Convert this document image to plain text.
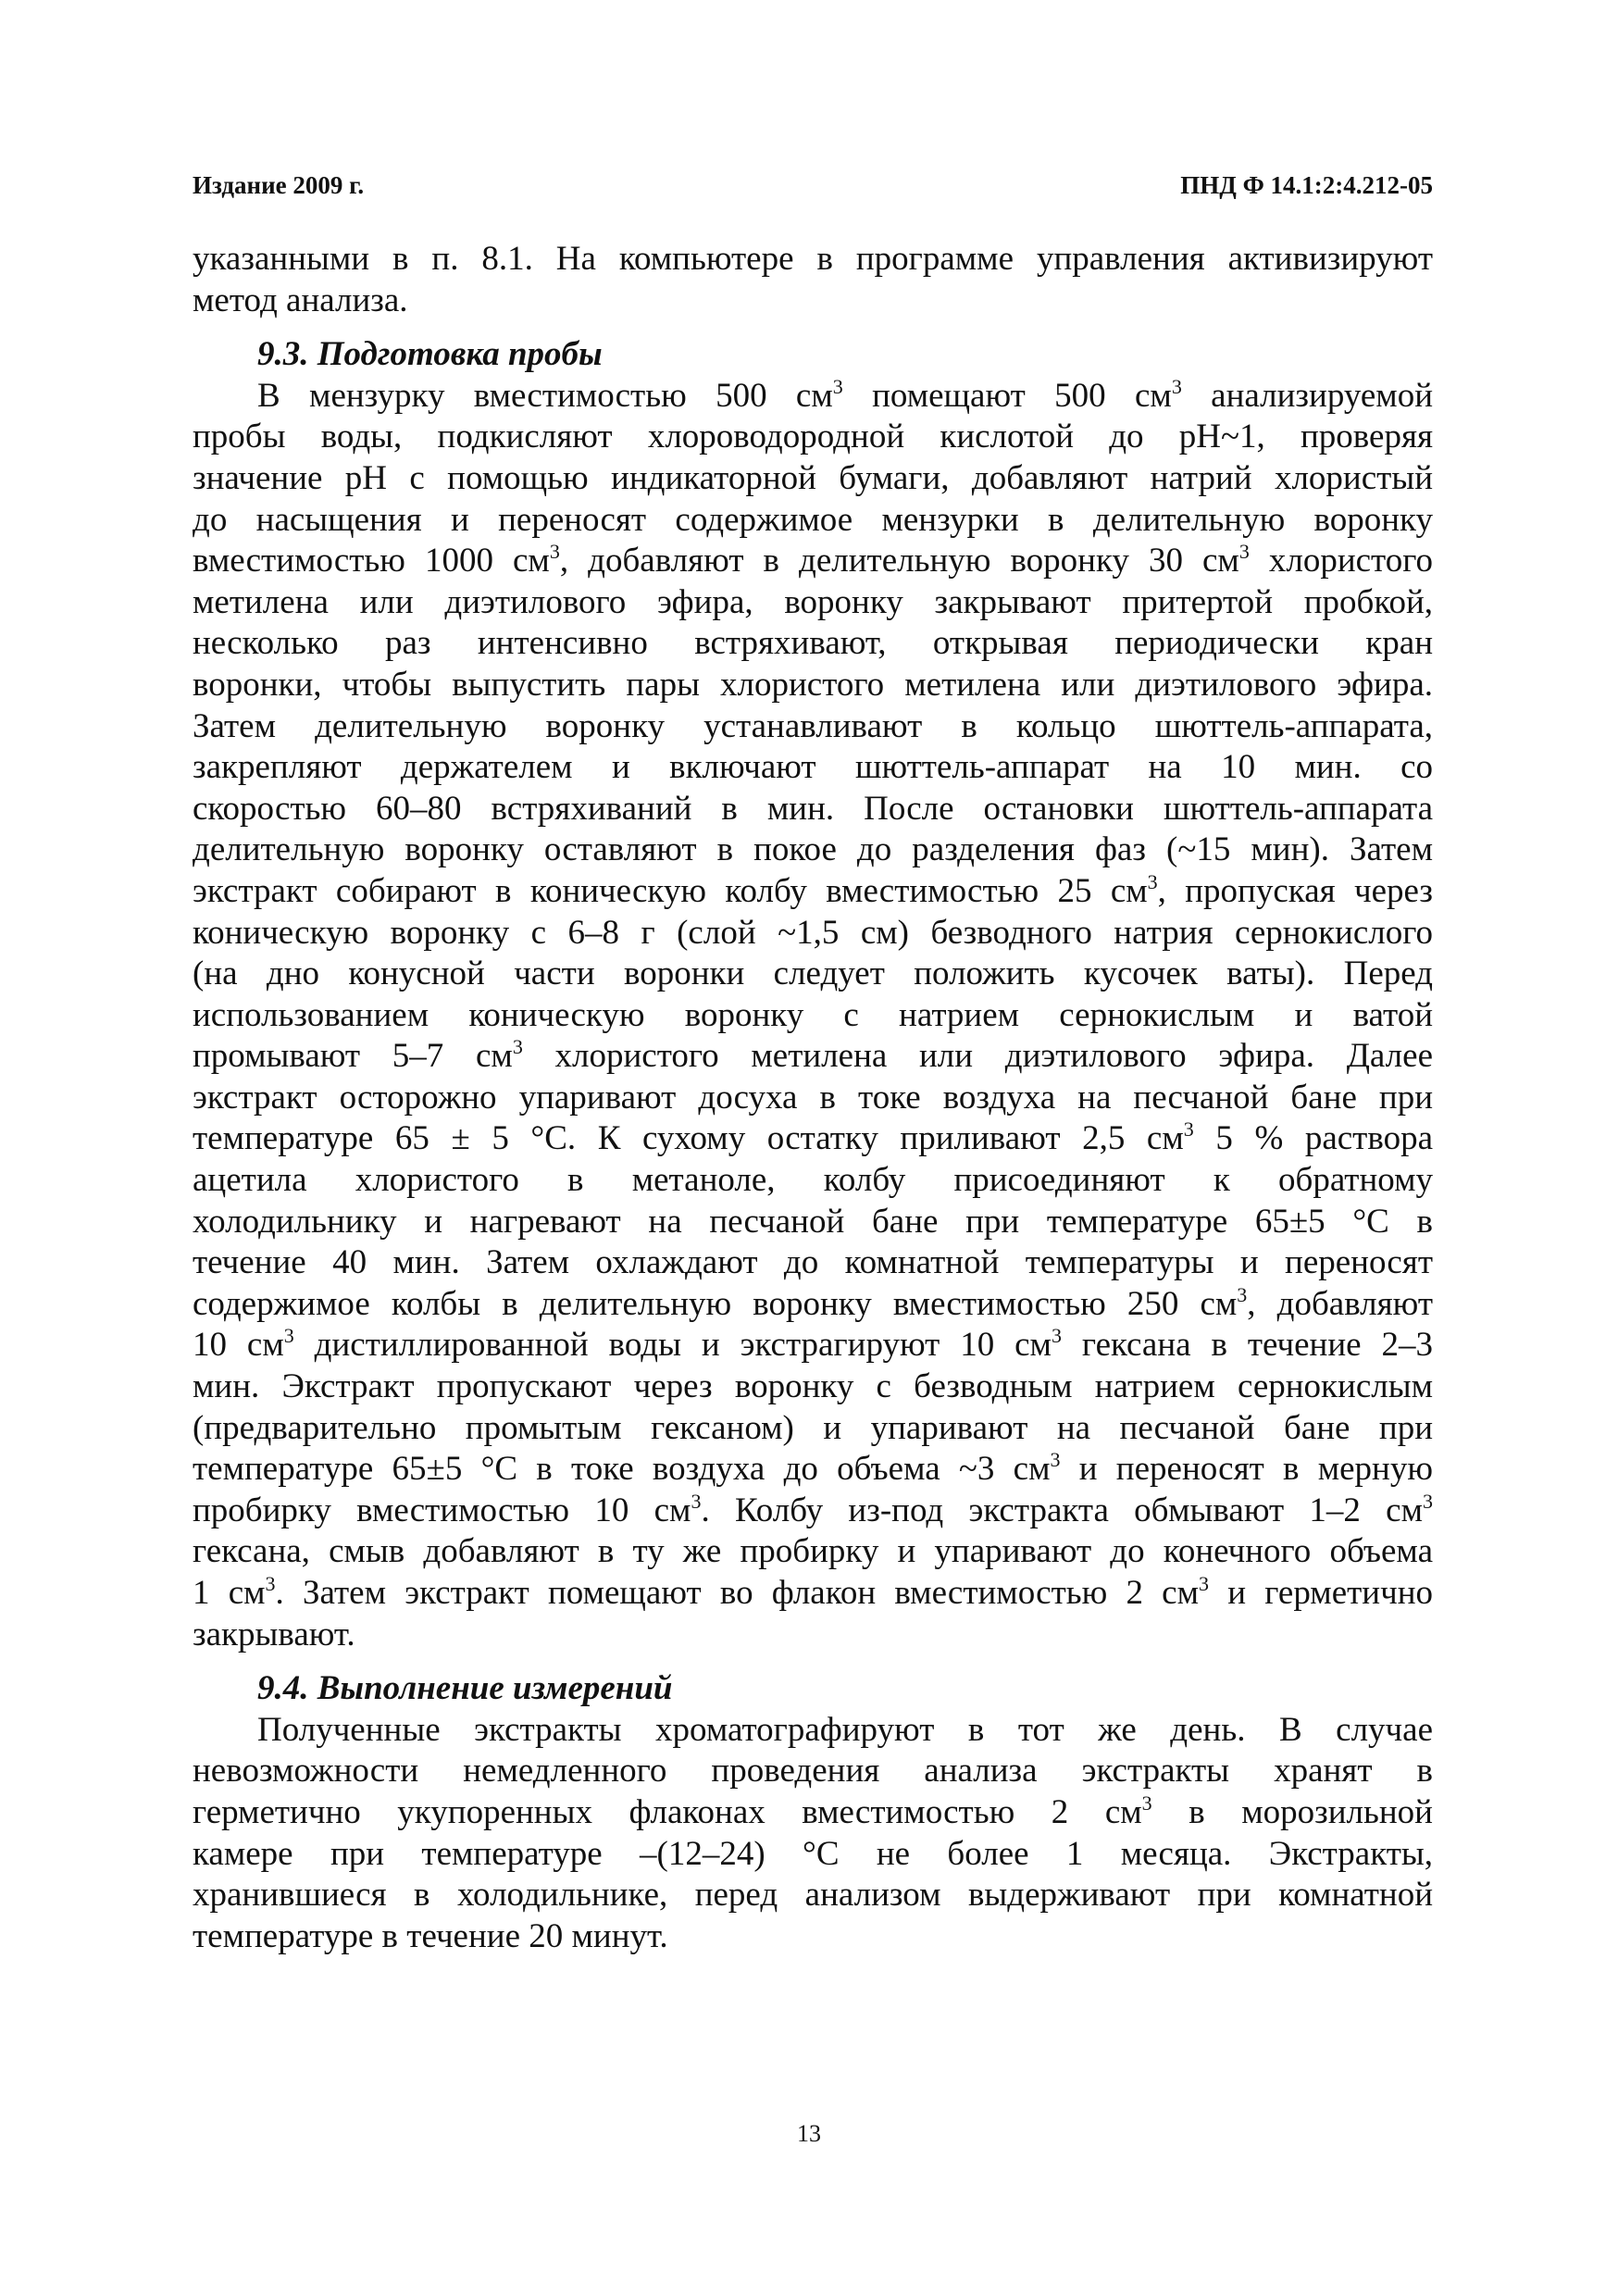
Издание 2009 г.	ПНД Ф 14.1:2:4.212-05
указанными в п. 8.1. На компьютере в программе управления активизируют
метод анализа.
9.3. Подготовка пробы
В мензурку вместимостью 500 $см^3$ помещают 500 $см^3$ анализируемой
пробы воды, подкисляют хлороводородной кислотой до pH~1, проверяя
значение pH с помощью индикаторной бумаги, добавляют натрий хлористый
до насыщения и переносят содержимое мензурки в делительную воронку
вместимостью 1000 $см^3$, добавляют в делительную воронку 30 $см^3$ хлористого
метилена или диэтилового эфира, воронку закрывают притертой пробкой,
несколько раз интенсивно встряхивают, открывая периодически кран
воронки, чтобы выпустить пары хлористого метилена или диэтилового эфира.
Затем делительную воронку устанавливают в кольцо шюттель-аппарата,
закрепляют держателем и включают шюттель-аппарат на 10 мин. со
скоростью 60–80 встряхиваний в мин. После остановки шюттель-аппарата
делительную воронку оставляют в покое до разделения фаз (~15 мин). Затем
экстракт собирают в коническую колбу вместимостью 25 $см^3$, пропуская через
коническую воронку с 6–8 г (слой ~1,5 см) безводного натрия сернокислого
(на дно конусной части воронки следует положить кусочек ваты). Перед
использованием коническую воронку с натрием сернокислым и ватой
промывают 5–7 $см^3$ хлористого метилена или диэтилового эфира. Далее
экстракт осторожно упаривают досуха в токе воздуха на песчаной бане при
температуре 65 ± 5 °С. К сухому остатку приливают 2,5 $см^3$ 5 % раствора
ацетила хлористого в метаноле, колбу присоединяют к обратному
холодильнику и нагревают на песчаной бане при температуре 65±5 °С в
течение 40 мин. Затем охлаждают до комнатной температуры и переносят
содержимое колбы в делительную воронку вместимостью 250 $см^3$, добавляют
10 $см^3$ дистиллированной воды и экстрагируют 10 $см^3$ гексана в течение 2–3
мин. Экстракт пропускают через воронку с безводным натрием сернокислым
(предварительно промытым гексаном) и упаривают на песчаной бане при
температуре 65±5 °С в токе воздуха до объема ~3 $см^3$ и переносят в мерную
пробирку вместимостью 10 $см^3$. Колбу из-под экстракта обмывают 1–2 $см^3$
гексана, смыв добавляют в ту же пробирку и упаривают до конечного объема
1 $см^3$. Затем экстракт помещают во флакон вместимостью 2 $см^3$ и герметично
закрывают.
9.4. Выполнение измерений
Полученные экстракты хроматографируют в тот же день. В случае
невозможности немедленного проведения анализа экстракты хранят в
герметично укупоренных флаконах вместимостью 2 $см^3$ в морозильной
камере при температуре –(12–24) °С не более 1 месяца. Экстракты,
хранившиеся в холодильнике, перед анализом выдерживают при комнатной
температуре в течение 20 минут.
13
